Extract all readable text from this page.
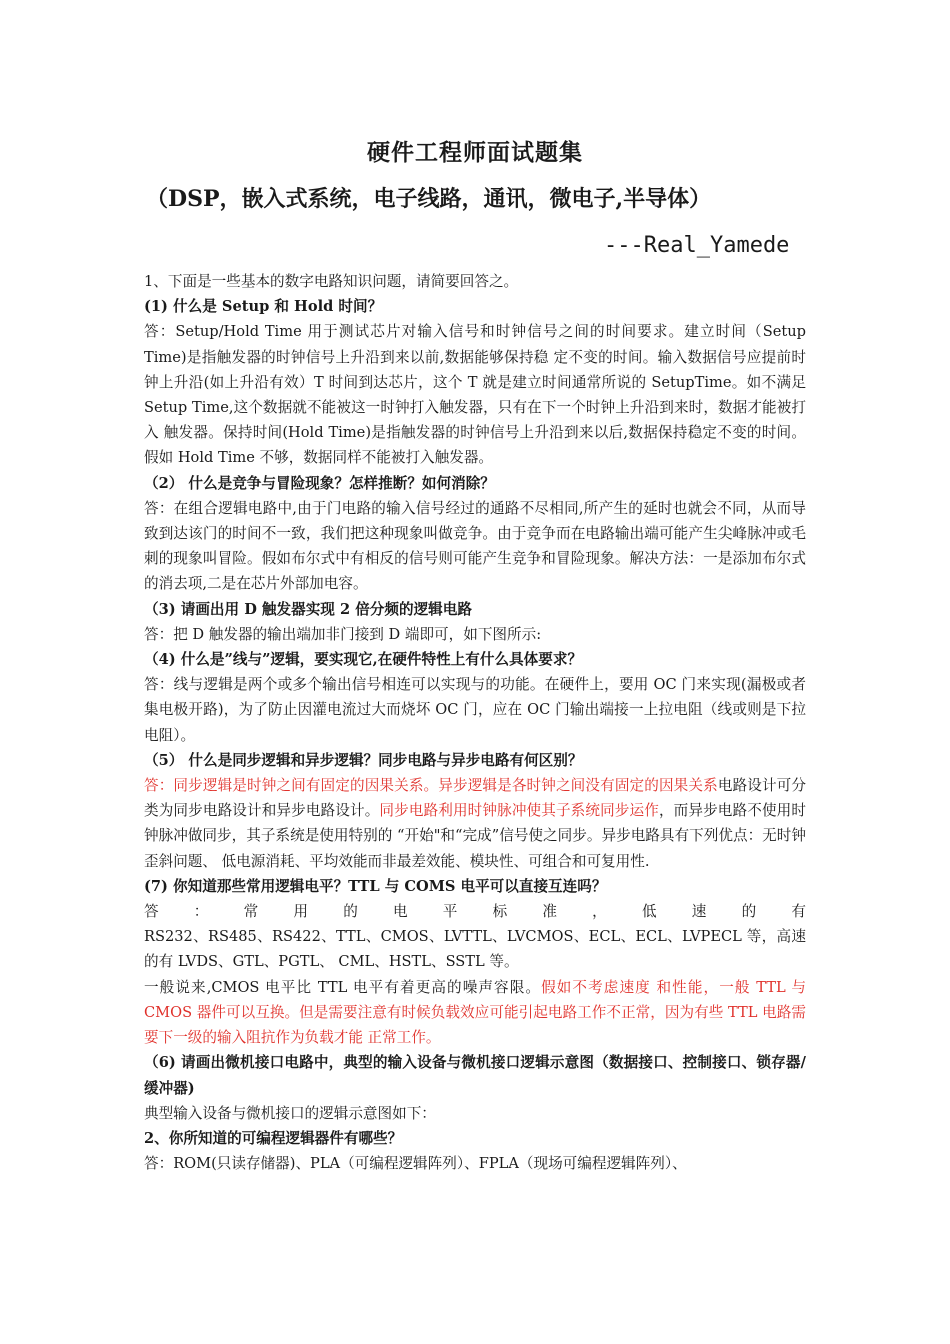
硬件工程师面试题集
（DSP，嵌入式系统，电子线路，通讯，微电子,半导体）
---Real_Yamede

1、下面是一些基本的数字电路知识问题，请简要回答之。

(1) 什么是 Setup 和 Hold 时间？

答：Setup/Hold Time 用于测试芯片对输入信号和时钟信号之间的时间要求。建立时间（Setup Time)是指触发器的时钟信号上升沿到来以前,数据能够保持稳 定不变的时间。输入数据信号应提前时钟上升沿(如上升沿有效）T 时间到达芯片，这个 T 就是建立时间通常所说的 SetupTime。如不满足 Setup Time,这个数据就不能被这一时钟打入触发器，只有在下一个时钟上升沿到来时，数据才能被打入 触发器。保持时间(Hold Time)是指触发器的时钟信号上升沿到来以后,数据保持稳定不变的时间。假如 Hold Time 不够，数据同样不能被打入触发器。

（2） 什么是竞争与冒险现象？怎样推断？如何消除？

答：在组合逻辑电路中,由于门电路的输入信号经过的通路不尽相同,所产生的延时也就会不同，从而导致到达该门的时间不一致，我们把这种现象叫做竞争。由于竞争而在电路输出端可能产生尖峰脉冲或毛刺的现象叫冒险。假如布尔式中有相反的信号则可能产生竞争和冒险现象。解决方法：一是添加布尔式的消去项,二是在芯片外部加电容。

（3) 请画出用 D 触发器实现 2 倍分频的逻辑电路

答：把 D 触发器的输出端加非门接到 D 端即可，如下图所示:

（4) 什么是”线与”逻辑，要实现它,在硬件特性上有什么具体要求？

答：线与逻辑是两个或多个输出信号相连可以实现与的功能。在硬件上，要用 OC 门来实现(漏极或者集电极开路)，为了防止因灌电流过大而烧坏 OC 门，应在 OC 门输出端接一上拉电阻（线或则是下拉电阻）。

（5） 什么是同步逻辑和异步逻辑？同步电路与异步电路有何区别？

答：同步逻辑是时钟之间有固定的因果关系。异步逻辑是各时钟之间没有固定的因果关系电路设计可分类为同步电路设计和异步电路设计。同步电路利用时钟脉冲使其子系统同步运作，而异步电路不使用时钟脉冲做同步，其子系统是使用特别的 “开始"和“完成”信号使之同步。异步电路具有下列优点：无时钟歪斜问题、 低电源消耗、平均效能而非最差效能、模块性、可组合和可复用性.

(7) 你知道那些常用逻辑电平？TTL 与 COMS 电平可以直接互连吗？

答 ： 常 用 的 电 平 标 准 ， 低 速 的 有

RS232、RS485、RS422、TTL、CMOS、LVTTL、LVCMOS、ECL、ECL、LVPECL 等，高速的有 LVDS、GTL、PGTL、 CML、HSTL、SSTL 等。

一般说来,CMOS 电平比 TTL 电平有着更高的噪声容限。假如不考虑速度 和性能，一般 TTL 与 CMOS 器件可以互换。但是需要注意有时候负载效应可能引起电路工作不正常，因为有些 TTL 电路需要下一级的输入阻抗作为负载才能 正常工作。

（6) 请画出微机接口电路中，典型的输入设备与微机接口逻辑示意图（数据接口、控制接口、锁存器/缓冲器)

典型输入设备与微机接口的逻辑示意图如下：

2、你所知道的可编程逻辑器件有哪些？

答：ROM(只读存储器)、PLA（可编程逻辑阵列）、FPLA（现场可编程逻辑阵列）、
